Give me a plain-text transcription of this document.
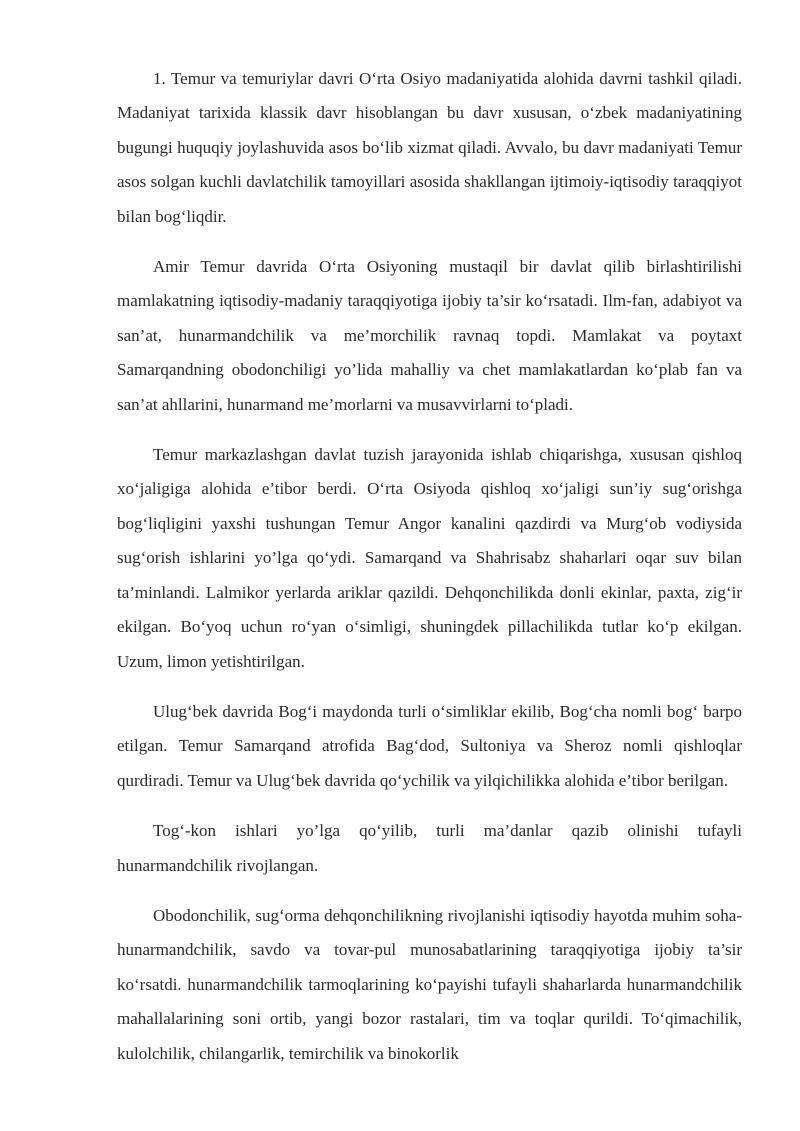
1. Temur va temuriylar davri O‘rta Osiyo madaniyatida alohida davrni tashkil qiladi. Madaniyat tarixida klassik davr hisoblangan bu davr xususan, o‘zbek madaniyatining bugungi huquqiy joylashuvida asos bo‘lib xizmat qiladi. Avvalo, bu davr madaniyati Temur asos solgan kuchli davlatchilik tamoyillari asosida shakllangan ijtimoiy-iqtisodiy taraqqiyot bilan bog‘liqdir.

Amir Temur davrida O‘rta Osiyoning mustaqil bir davlat qilib birlashtirilishi mamlakatning iqtisodiy-madaniy taraqqiyotiga ijobiy ta’sir ko‘rsatadi. Ilm-fan, adabiyot va san’at, hunarmandchilik va me’morchilik ravnaq topdi. Mamlakat va poytaxt Samarqandning obodonchiligi yo’lida mahalliy va chet mamlakatlardan ko‘plab fan va san’at ahllarini, hunarmand me’morlarni va musavvirlarni to‘pladi.

Temur markazlashgan davlat tuzish jarayonida ishlab chiqarishga, xususan qishloq xo‘jaligiga alohida e’tibor berdi. O‘rta Osiyoda qishloq xo‘jaligi sun’iy sug‘orishga bog‘liqligini yaxshi tushungan Temur Angor kanalini qazdirdi va Murg‘ob vodiysida sug‘orish ishlarini yo’lga qo‘ydi. Samarqand va Shahrisabz shaharlari oqar suv bilan ta’minlandi. Lalmikor yerlarda ariklar qazildi. Dehqonchilikda donli ekinlar, paxta, zig‘ir ekilgan. Bo‘yoq uchun ro‘yan o‘simligi, shuningdek pillachilikda tutlar ko‘p ekilgan. Uzum, limon yetishtirilgan.

Ulug‘bek davrida Bog‘i maydonda turli o‘simliklar ekilib, Bog‘cha nomli bog‘ barpo etilgan. Temur Samarqand atrofida Bag‘dod, Sultoniya va Sheroz nomli qishloqlar qurdiradi. Temur va Ulug‘bek davrida qo‘ychilik va yilqichilikka alohida e’tibor berilgan.

Tog‘-kon ishlari yo’lga qo‘yilib, turli ma’danlar qazib olinishi tufayli hunarmandchilik rivojlangan.

Obodonchilik, sug‘orma dehqonchilikning rivojlanishi iqtisodiy hayotda muhim soha-hunarmandchilik, savdo va tovar-pul munosabatlarining taraqqiyotiga ijobiy ta’sir ko‘rsatdi. hunarmandchilik tarmoqlarining ko‘payishi tufayli shaharlarda hunarmandchilik mahallalarining soni ortib, yangi bozor rastalari, tim va toqlar qurildi. To‘qimachilik, kulolchilik, chilangarlik, temirchilik va binokorlik
